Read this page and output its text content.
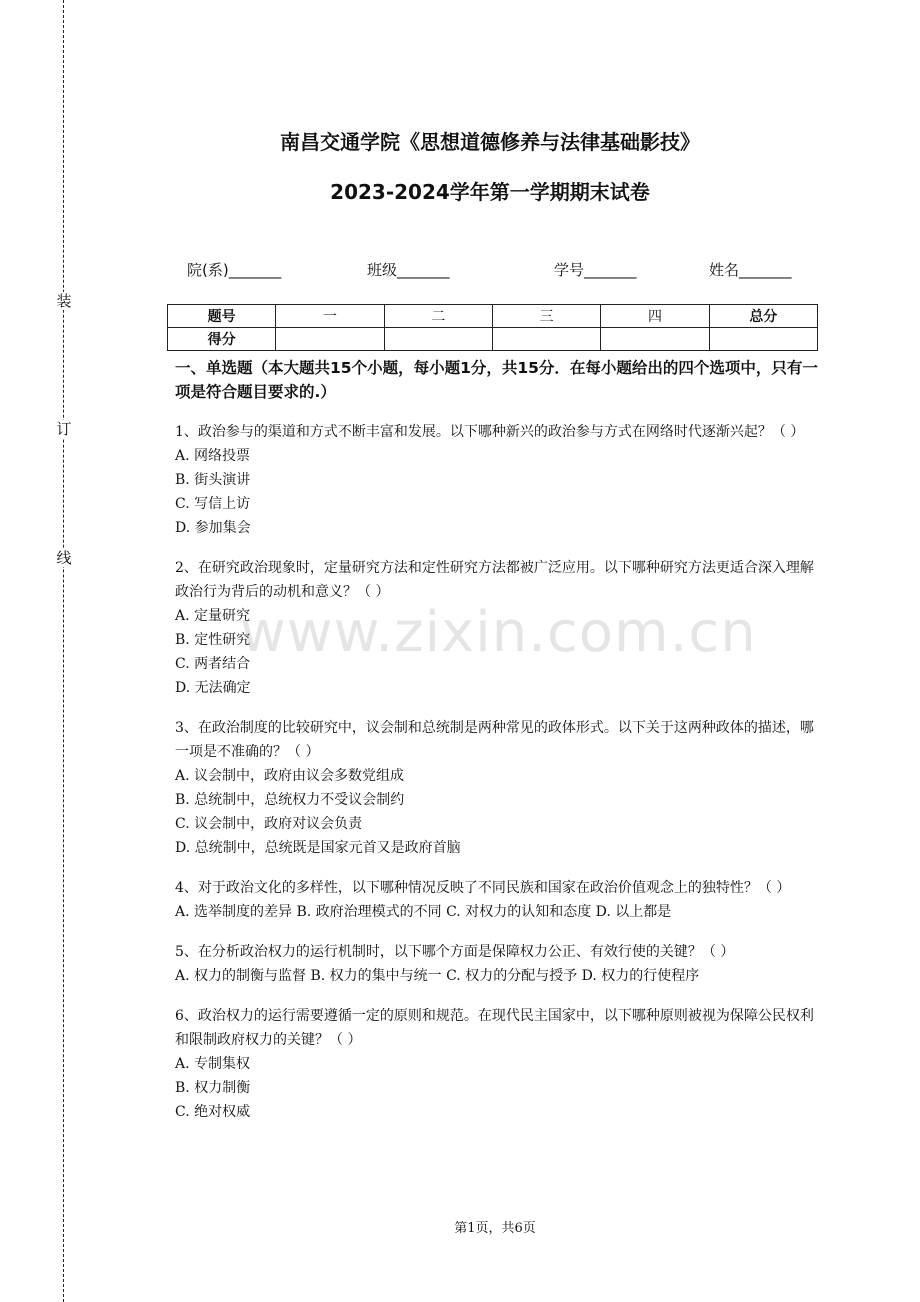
装
订
线
南昌交通学院《思想道德修养与法律基础影技》
2023-2024学年第一学期期末试卷
院(系)_______	班级_______	学号_______	姓名_______
题号	一	二	三	四	总分
得分					
一、单选题（本大题共15个小题，每小题1分，共15分．在每小题给出的四个选项中，只有一项是符合题目要求的.）
1、政治参与的渠道和方式不断丰富和发展。以下哪种新兴的政治参与方式在网络时代逐渐兴起？（ ）
A. 网络投票
B. 街头演讲
C. 写信上访
D. 参加集会
2、在研究政治现象时，定量研究方法和定性研究方法都被广泛应用。以下哪种研究方法更适合深入理解政治行为背后的动机和意义？（ ）
A. 定量研究
B. 定性研究
C. 两者结合
D. 无法确定
3、在政治制度的比较研究中，议会制和总统制是两种常见的政体形式。以下关于这两种政体的描述，哪一项是不准确的？（ ）
A. 议会制中，政府由议会多数党组成
B. 总统制中，总统权力不受议会制约
C. 议会制中，政府对议会负责
D. 总统制中，总统既是国家元首又是政府首脑
4、对于政治文化的多样性，以下哪种情况反映了不同民族和国家在政治价值观念上的独特性？（ ）
A. 选举制度的差异 B. 政府治理模式的不同 C. 对权力的认知和态度 D. 以上都是
5、在分析政治权力的运行机制时，以下哪个方面是保障权力公正、有效行使的关键？（ ）
A. 权力的制衡与监督 B. 权力的集中与统一 C. 权力的分配与授予 D. 权力的行使程序
6、政治权力的运行需要遵循一定的原则和规范。在现代民主国家中，以下哪种原则被视为保障公民权利和限制政府权力的关键？（ ）
A. 专制集权
B. 权力制衡
C. 绝对权威
www.zixin.com.cn
第1页，共6页
